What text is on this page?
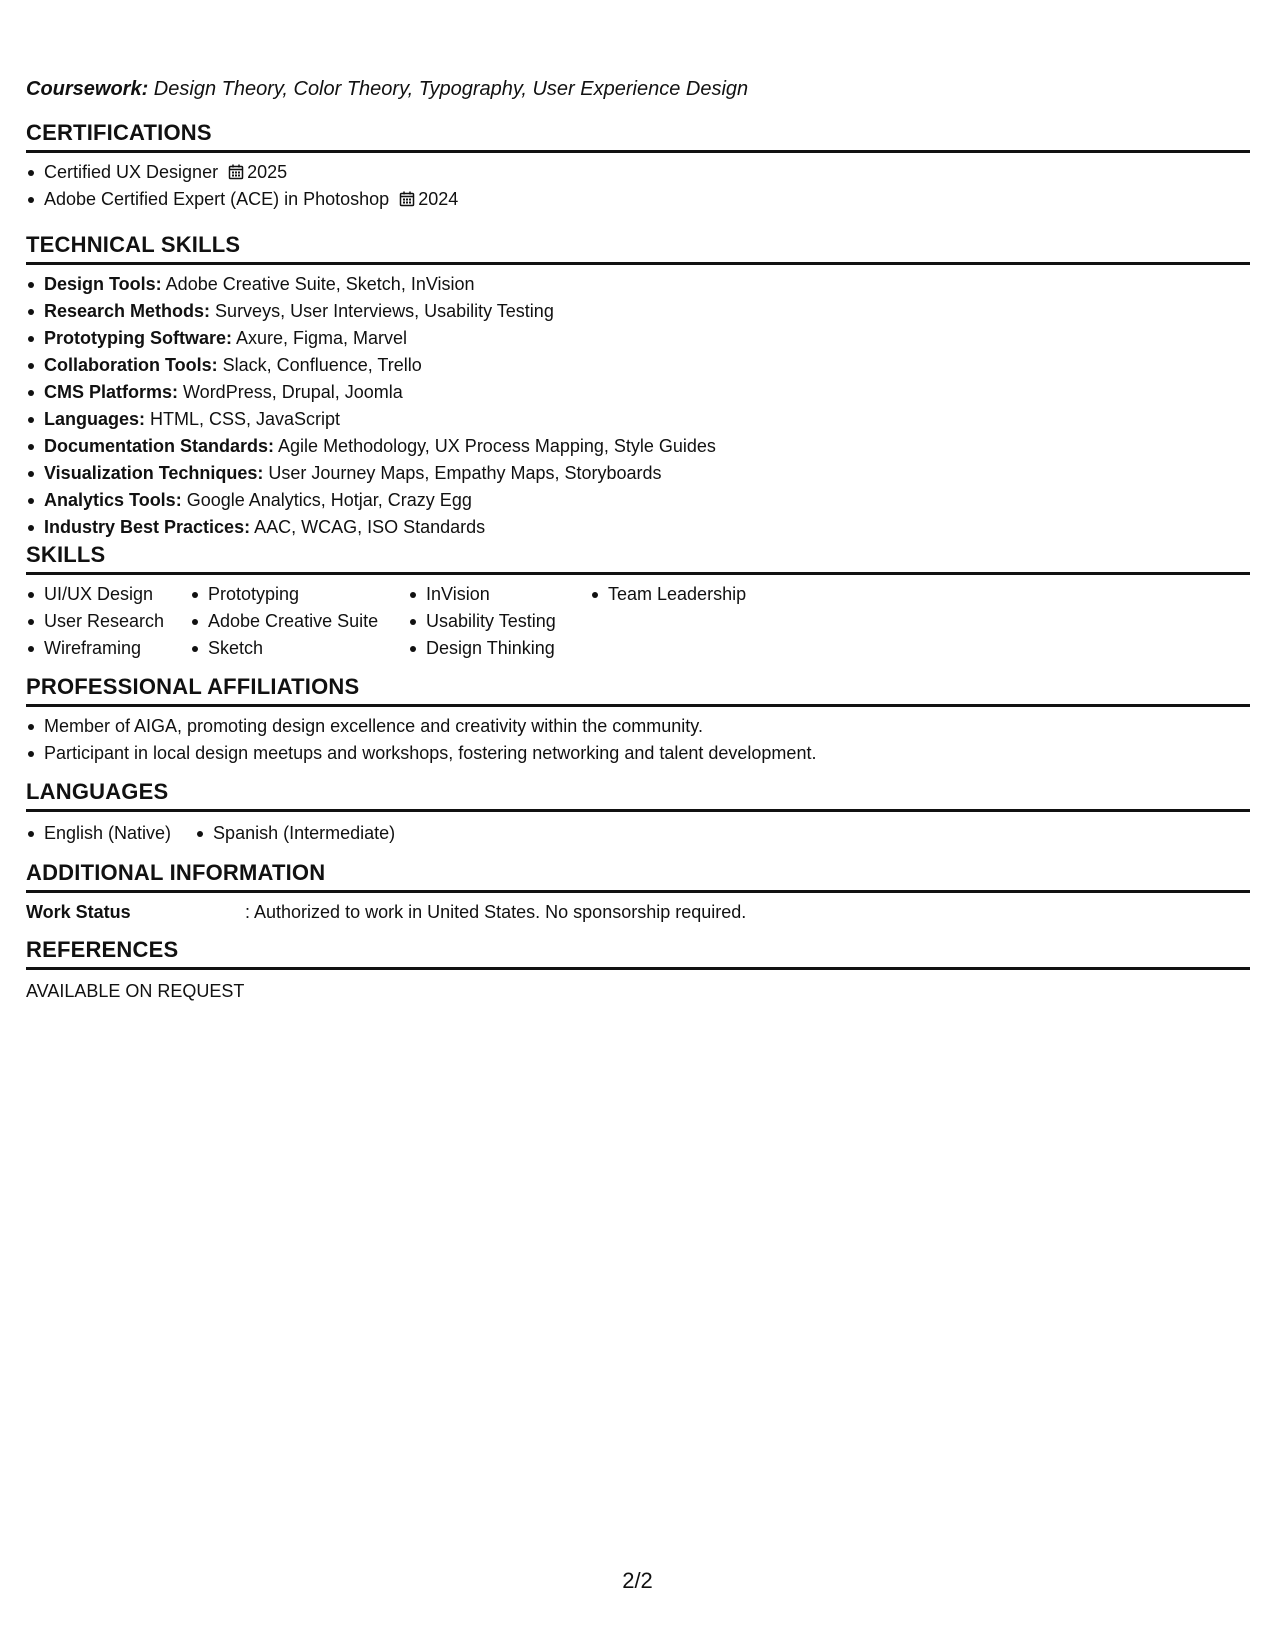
Coursework: Design Theory, Color Theory, Typography, User Experience Design
CERTIFICATIONS
Certified UX Designer 2025
Adobe Certified Expert (ACE) in Photoshop 2024
TECHNICAL SKILLS
Design Tools: Adobe Creative Suite, Sketch, InVision
Research Methods: Surveys, User Interviews, Usability Testing
Prototyping Software: Axure, Figma, Marvel
Collaboration Tools: Slack, Confluence, Trello
CMS Platforms: WordPress, Drupal, Joomla
Languages: HTML, CSS, JavaScript
Documentation Standards: Agile Methodology, UX Process Mapping, Style Guides
Visualization Techniques: User Journey Maps, Empathy Maps, Storyboards
Analytics Tools: Google Analytics, Hotjar, Crazy Egg
Industry Best Practices: AAC, WCAG, ISO Standards
SKILLS
UI/UX Design
User Research
Wireframing
Prototyping
Adobe Creative Suite
Sketch
InVision
Usability Testing
Design Thinking
Team Leadership
PROFESSIONAL AFFILIATIONS
Member of AIGA, promoting design excellence and creativity within the community.
Participant in local design meetups and workshops, fostering networking and talent development.
LANGUAGES
English (Native)	Spanish (Intermediate)
ADDITIONAL INFORMATION
Work Status	: Authorized to work in United States. No sponsorship required.
REFERENCES
AVAILABLE ON REQUEST
2/2
